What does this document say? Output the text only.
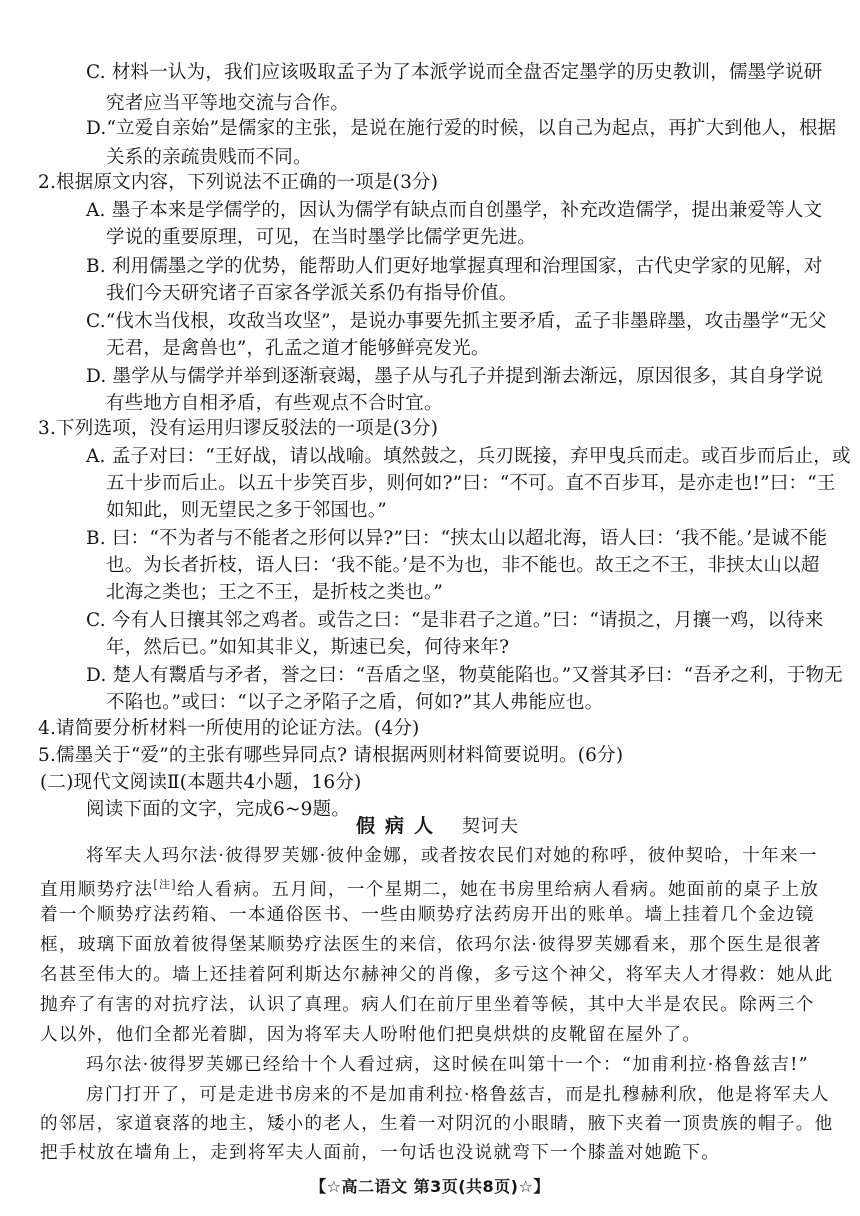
C. 材料一认为，我们应该吸取孟子为了本派学说而全盘否定墨学的历史教训，儒墨学说研
究者应当平等地交流与合作。
D.“立爱自亲始”是儒家的主张，是说在施行爱的时候，以自己为起点，再扩大到他人，根据
关系的亲疏贵贱而不同。
2.根据原文内容，下列说法不正确的一项是(3分)
A. 墨子本来是学儒学的，因认为儒学有缺点而自创墨学，补充改造儒学，提出兼爱等人文
学说的重要原理，可见，在当时墨学比儒学更先进。
B. 利用儒墨之学的优势，能帮助人们更好地掌握真理和治理国家，古代史学家的见解，对
我们今天研究诸子百家各学派关系仍有指导价值。
C.“伐木当伐根，攻敌当攻坚”，是说办事要先抓主要矛盾，孟子非墨辟墨，攻击墨学“无父
无君，是禽兽也”，孔孟之道才能够鲜亮发光。
D. 墨学从与儒学并举到逐渐衰竭，墨子从与孔子并提到渐去渐远，原因很多，其自身学说
有些地方自相矛盾，有些观点不合时宜。
3.下列选项，没有运用归谬反驳法的一项是(3分)
A. 孟子对曰：“王好战，请以战喻。填然鼓之，兵刃既接，弃甲曳兵而走。或百步而后止，或
五十步而后止。以五十步笑百步，则何如?”曰：“不可。直不百步耳，是亦走也!”曰：“王
如知此，则无望民之多于邻国也。”
B. 曰：“不为者与不能者之形何以异?”曰：“挟太山以超北海，语人曰：‘我不能。’是诚不能
也。为长者折枝，语人曰：‘我不能。’是不为也，非不能也。故王之不王，非挟太山以超
北海之类也；王之不王，是折枝之类也。”
C. 今有人日攘其邻之鸡者。或告之曰：“是非君子之道。”曰：“请损之，月攘一鸡，以待来
年，然后已。”如知其非义，斯速已矣，何待来年?
D. 楚人有鬻盾与矛者，誉之曰：“吾盾之坚，物莫能陷也。”又誉其矛曰：“吾矛之利，于物无
不陷也。”或曰：“以子之矛陷子之盾，何如?”其人弗能应也。
4.请简要分析材料一所使用的论证方法。(4分)
5.儒墨关于“爱”的主张有哪些异同点? 请根据两则材料简要说明。(6分)
(二)现代文阅读Ⅱ(本题共4小题，16分)
阅读下面的文字，完成6~9题。
假病人 契诃夫
将军夫人玛尔法·彼得罗芙娜·彼仲金娜，或者按农民们对她的称呼，彼仲契哈，十年来一
直用顺势疗法[注]给人看病。五月间，一个星期二，她在书房里给病人看病。她面前的桌子上放
着一个顺势疗法药箱、一本通俗医书、一些由顺势疗法药房开出的账单。墙上挂着几个金边镜
框，玻璃下面放着彼得堡某顺势疗法医生的来信，依玛尔法·彼得罗芙娜看来，那个医生是很著
名甚至伟大的。墙上还挂着阿利斯达尔赫神父的肖像，多亏这个神父，将军夫人才得救：她从此
抛弃了有害的对抗疗法，认识了真理。病人们在前厅里坐着等候，其中大半是农民。除两三个
人以外，他们全都光着脚，因为将军夫人吩咐他们把臭烘烘的皮靴留在屋外了。
玛尔法·彼得罗芙娜已经给十个人看过病，这时候在叫第十一个：“加甫利拉·格鲁兹吉!”
房门打开了，可是走进书房来的不是加甫利拉·格鲁兹吉，而是扎穆赫利欣，他是将军夫人
的邻居，家道衰落的地主，矮小的老人，生着一对阴沉的小眼睛，腋下夹着一顶贵族的帽子。他
把手杖放在墙角上，走到将军夫人面前，一句话也没说就弯下一个膝盖对她跪下。
【☆高二语文 第3页(共8页)☆】
